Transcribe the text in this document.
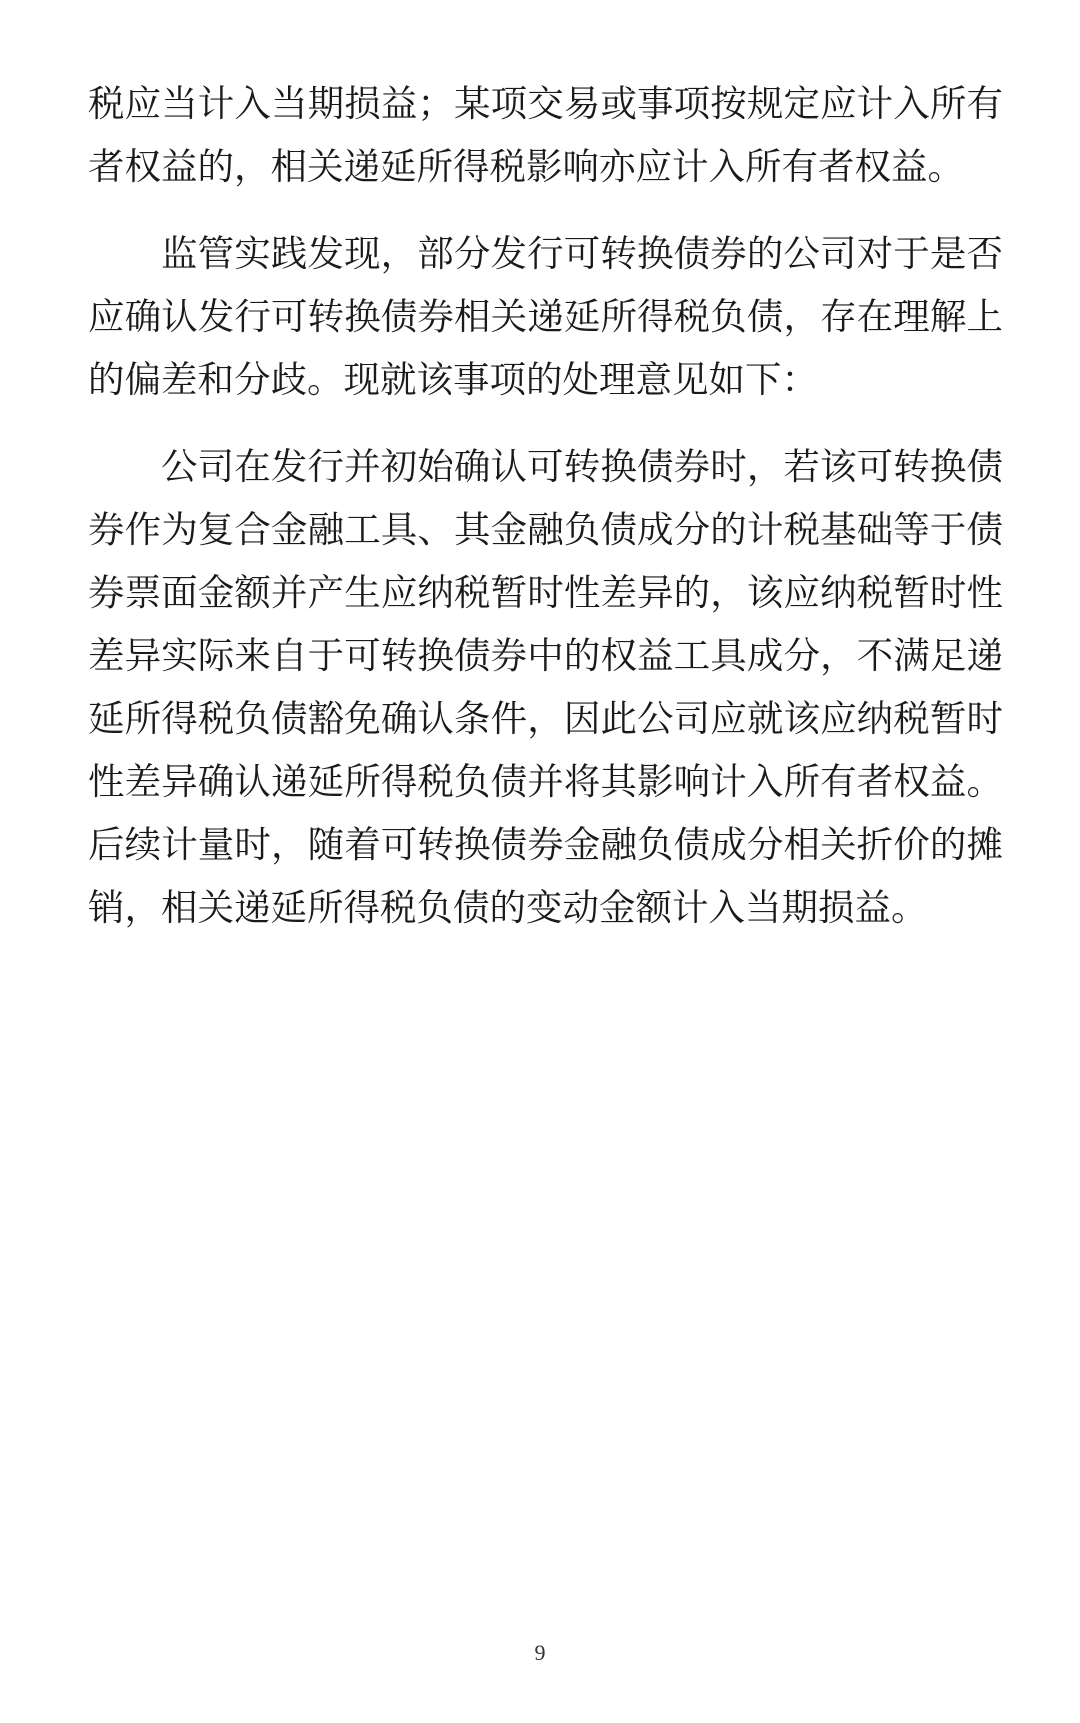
税应当计入当期损益；某项交易或事项按规定应计入所有
者权益的，相关递延所得税影响亦应计入所有者权益。

监管实践发现，部分发行可转换债券的公司对于是否
应确认发行可转换债券相关递延所得税负债，存在理解上
的偏差和分歧。现就该事项的处理意见如下：

公司在发行并初始确认可转换债券时，若该可转换债
券作为复合金融工具、其金融负债成分的计税基础等于债
券票面金额并产生应纳税暂时性差异的，该应纳税暂时性
差异实际来自于可转换债券中的权益工具成分，不满足递
延所得税负债豁免确认条件，因此公司应就该应纳税暂时
性差异确认递延所得税负债并将其影响计入所有者权益。
后续计量时，随着可转换债券金融负债成分相关折价的摊
销，相关递延所得税负债的变动金额计入当期损益。

9
